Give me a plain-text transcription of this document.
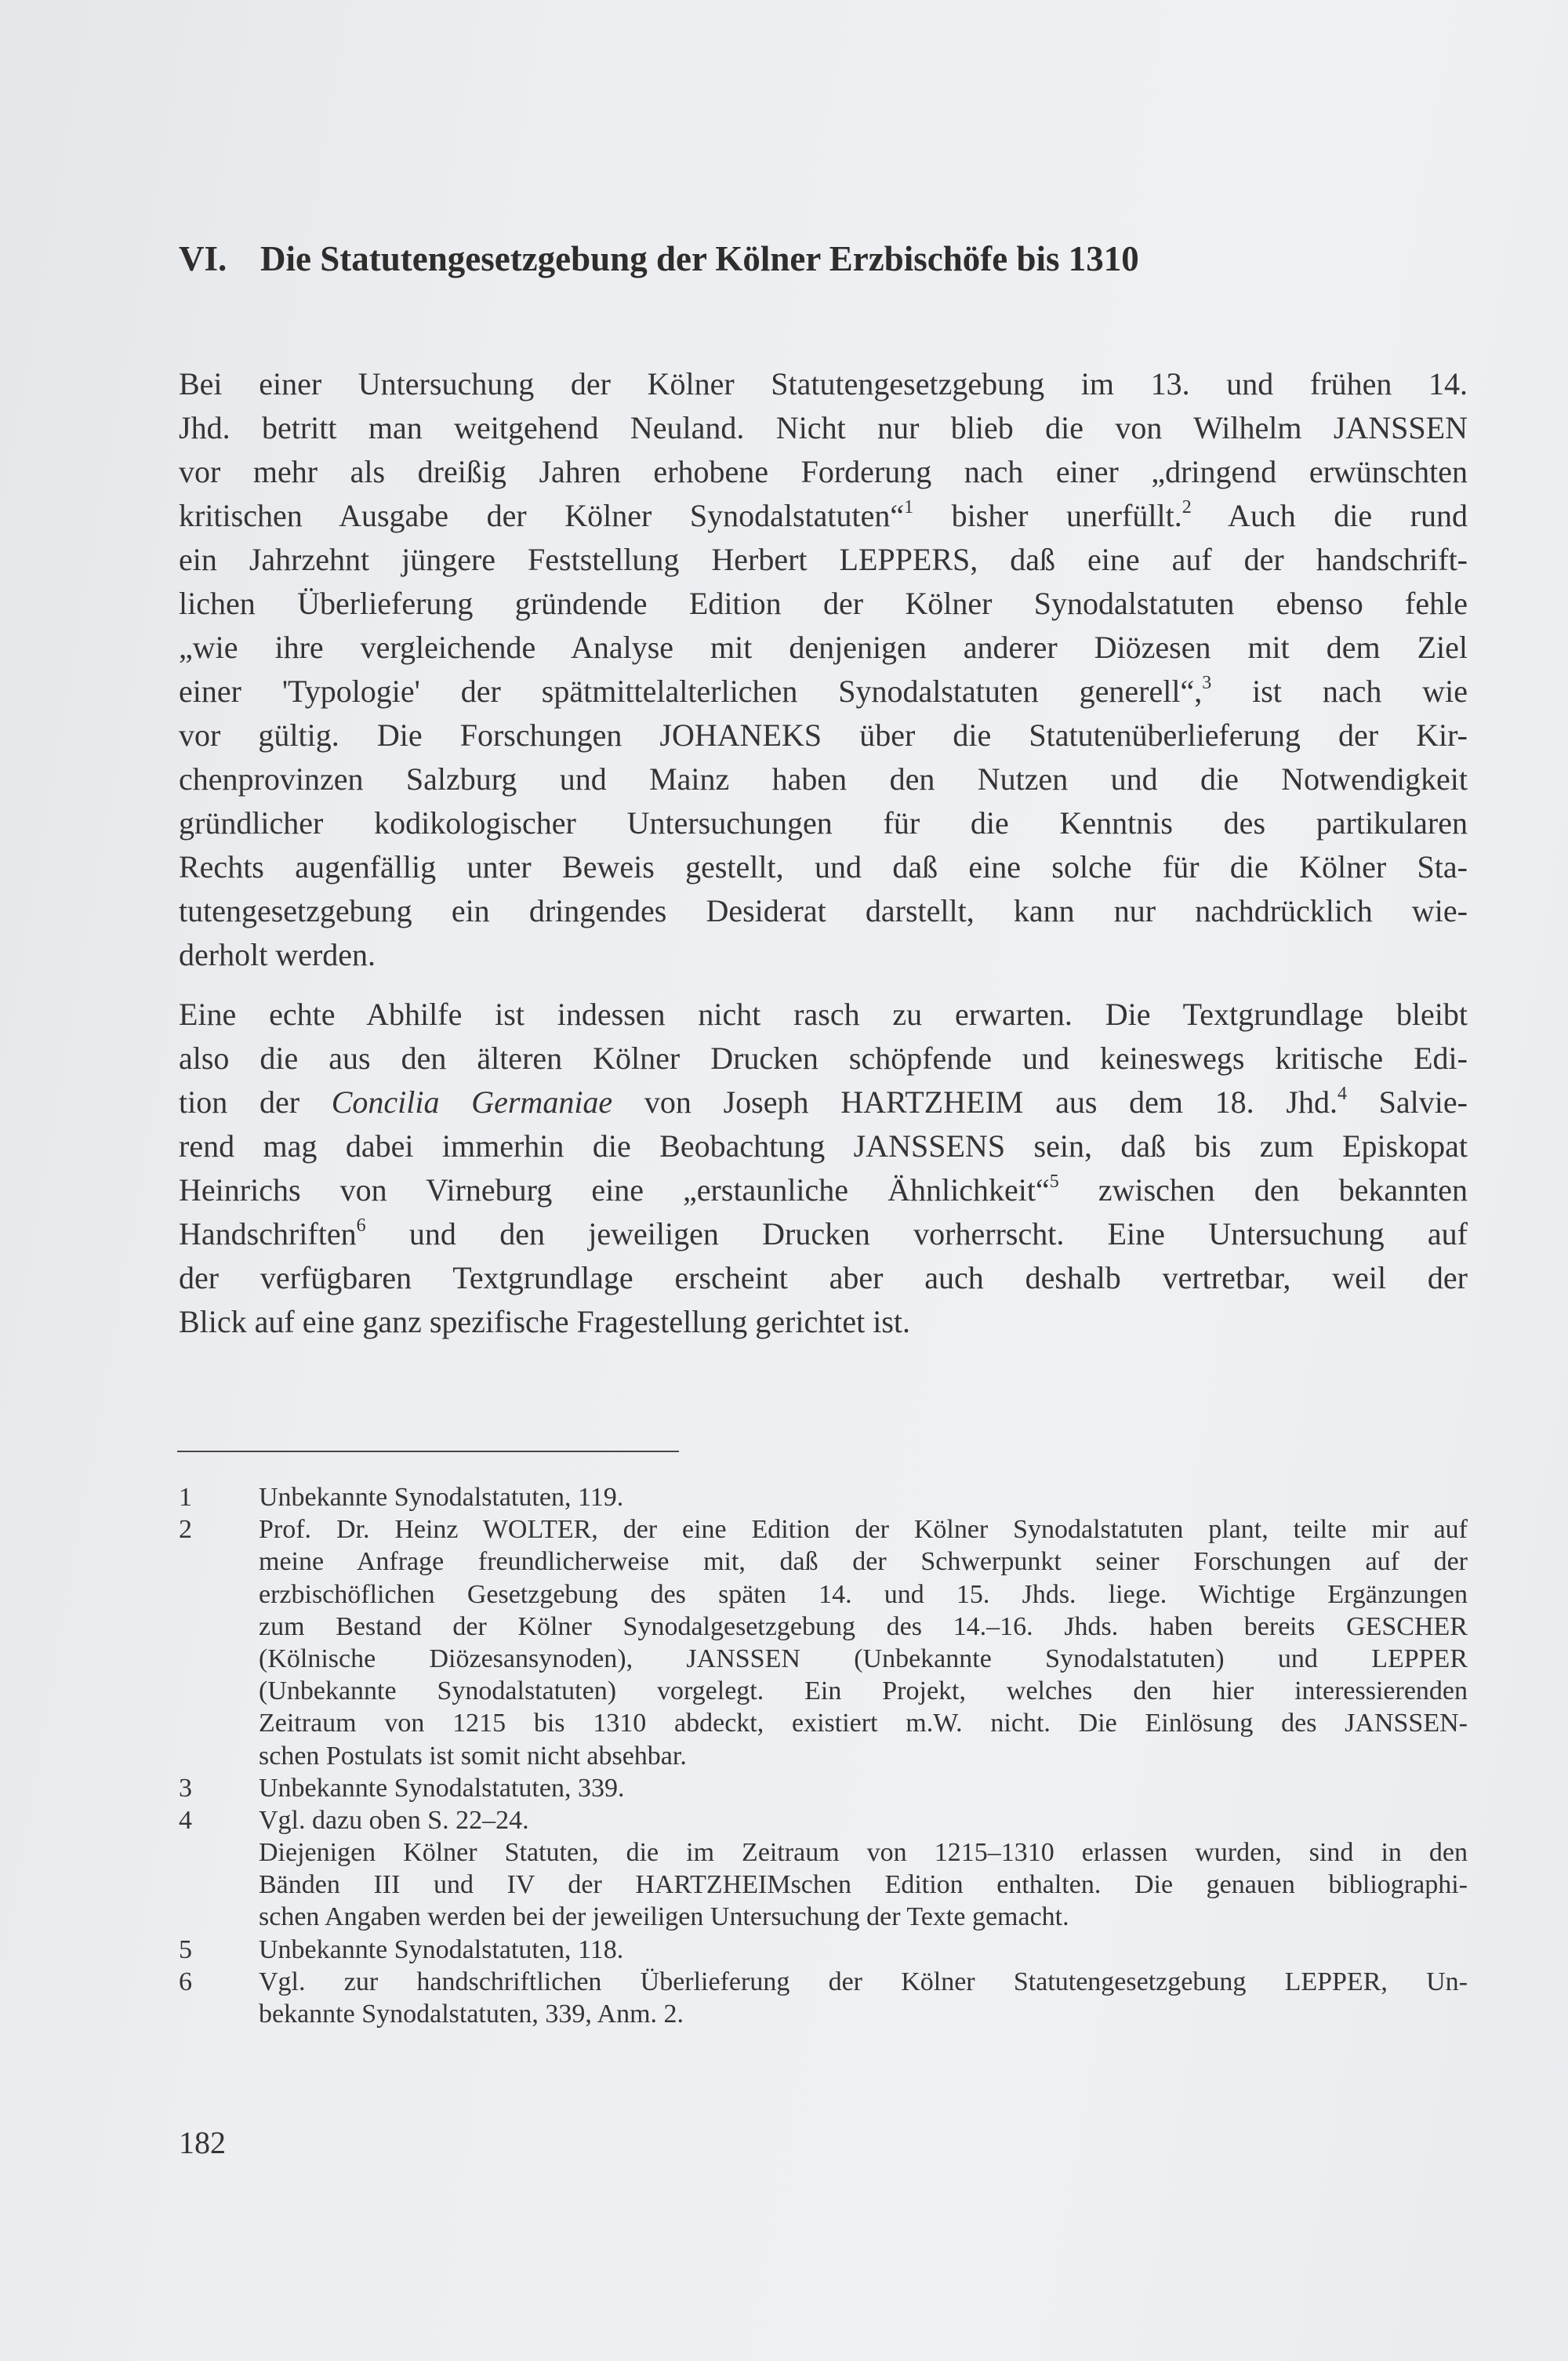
VI. Die Statutengesetzgebung der Kölner Erzbischöfe bis 1310
Bei einer Untersuchung der Kölner Statutengesetzgebung im 13. und frühen 14.
Jhd. betritt man weitgehend Neuland. Nicht nur blieb die von Wilhelm JANSSEN
vor mehr als dreißig Jahren erhobene Forderung nach einer „dringend erwünschten
kritischen Ausgabe der Kölner Synodalstatuten“$^1$ bisher unerfüllt.$^2$ Auch die rund
ein Jahrzehnt jüngere Feststellung Herbert LEPPERS, daß eine auf der handschrift-
lichen Überlieferung gründende Edition der Kölner Synodalstatuten ebenso fehle
„wie ihre vergleichende Analyse mit denjenigen anderer Diözesen mit dem Ziel
einer 'Typologie' der spätmittelalterlichen Synodalstatuten generell“,$^3$ ist nach wie
vor gültig. Die Forschungen JOHANEKS über die Statutenüberlieferung der Kir-
chenprovinzen Salzburg und Mainz haben den Nutzen und die Notwendigkeit
gründlicher kodikologischer Untersuchungen für die Kenntnis des partikularen
Rechts augenfällig unter Beweis gestellt, und daß eine solche für die Kölner Sta-
tutengesetzgebung ein dringendes Desiderat darstellt, kann nur nachdrücklich wie-
derholt werden.
Eine echte Abhilfe ist indessen nicht rasch zu erwarten. Die Textgrundlage bleibt
also die aus den älteren Kölner Drucken schöpfende und keineswegs kritische Edi-
tion der Concilia Germaniae von Joseph HARTZHEIM aus dem 18. Jhd.$^4$ Salvie-
rend mag dabei immerhin die Beobachtung JANSSENS sein, daß bis zum Episkopat
Heinrichs von Virneburg eine „erstaunliche Ähnlichkeit“$^5$ zwischen den bekannten
Handschriften$^6$ und den jeweiligen Drucken vorherrscht. Eine Untersuchung auf
der verfügbaren Textgrundlage erscheint aber auch deshalb vertretbar, weil der
Blick auf eine ganz spezifische Fragestellung gerichtet ist.
1	Unbekannte Synodalstatuten, 119.
2	Prof. Dr. Heinz WOLTER, der eine Edition der Kölner Synodalstatuten plant, teilte mir auf
meine Anfrage freundlicherweise mit, daß der Schwerpunkt seiner Forschungen auf der
erzbischöflichen Gesetzgebung des späten 14. und 15. Jhds. liege. Wichtige Ergänzungen
zum Bestand der Kölner Synodalgesetzgebung des 14.–16. Jhds. haben bereits GESCHER
(Kölnische Diözesansynoden), JANSSEN (Unbekannte Synodalstatuten) und LEPPER
(Unbekannte Synodalstatuten) vorgelegt. Ein Projekt, welches den hier interessierenden
Zeitraum von 1215 bis 1310 abdeckt, existiert m.W. nicht. Die Einlösung des JANSSEN-
schen Postulats ist somit nicht absehbar.
3	Unbekannte Synodalstatuten, 339.
4	Vgl. dazu oben S. 22–24.
Diejenigen Kölner Statuten, die im Zeitraum von 1215–1310 erlassen wurden, sind in den
Bänden III und IV der HARTZHEIMschen Edition enthalten. Die genauen bibliographi-
schen Angaben werden bei der jeweiligen Untersuchung der Texte gemacht.
5	Unbekannte Synodalstatuten, 118.
6	Vgl. zur handschriftlichen Überlieferung der Kölner Statutengesetzgebung LEPPER, Un-
bekannte Synodalstatuten, 339, Anm. 2.
182
